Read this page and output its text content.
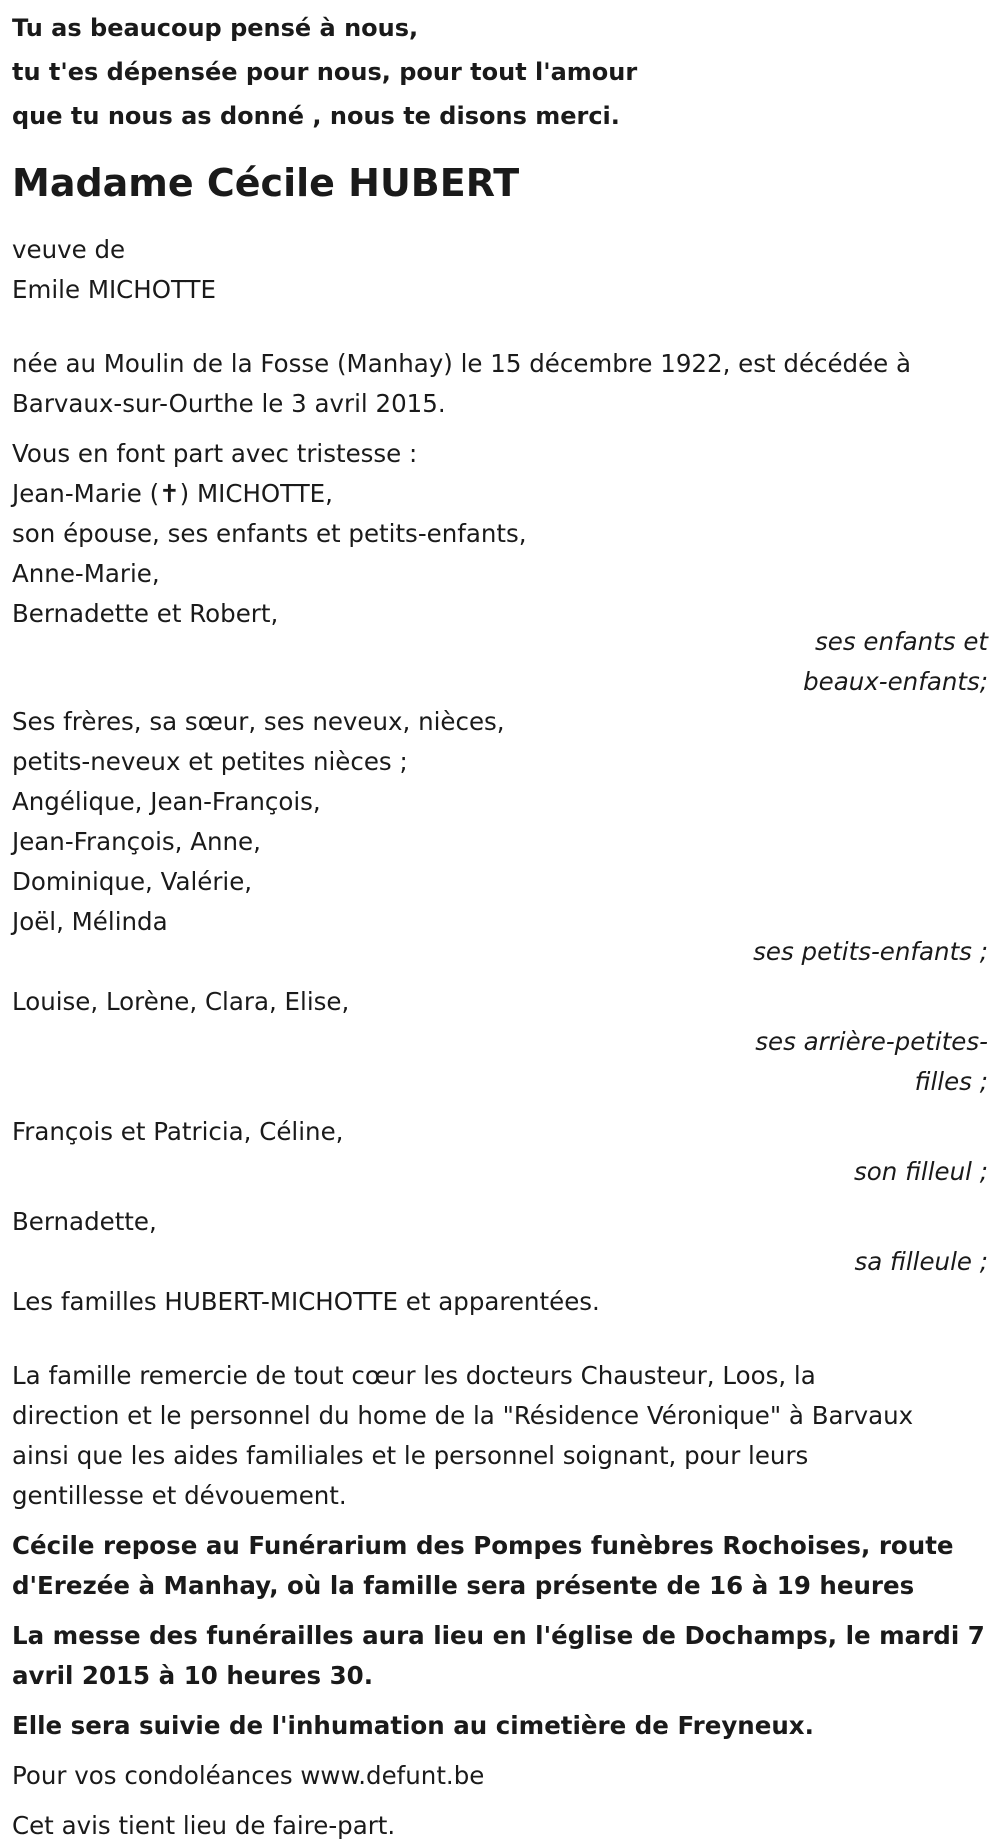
Tu as beaucoup pensé à nous,

tu t'es dépensée pour nous, pour tout l'amour

que tu nous as donné , nous te disons merci.

Madame Cécile HUBERT

veuve de

Emile MICHOTTE

née au Moulin de la Fosse (Manhay) le 15 décembre 1922, est décédée à

Barvaux-sur-Ourthe le 3 avril 2015.

Vous en font part avec tristesse :

Jean-Marie (✝) MICHOTTE,

son épouse, ses enfants et petits-enfants,

Anne-Marie,

Bernadette et Robert,

ses enfants et

beaux-enfants;

Ses frères, sa sœur, ses neveux, nièces,

petits-neveux et petites nièces ;

Angélique, Jean-François,

Jean-François, Anne,

Dominique, Valérie,

Joël, Mélinda

ses petits-enfants ;

Louise, Lorène, Clara, Elise,

ses arrière-petites-

filles ;

François et Patricia, Céline,

son filleul ;

Bernadette,

sa filleule ;

Les familles HUBERT-MICHOTTE et apparentées.

La famille remercie de tout cœur les docteurs Chausteur, Loos, la

direction et le personnel du home de la "Résidence Véronique" à Barvaux

ainsi que les aides familiales et le personnel soignant, pour leurs

gentillesse et dévouement.

Cécile repose au Funérarium des Pompes funèbres Rochoises, route

d'Erezée à Manhay, où la famille sera présente de 16 à 19 heures

La messe des funérailles aura lieu en l'église de Dochamps, le mardi 7

avril 2015 à 10 heures 30.

Elle sera suivie de l'inhumation au cimetière de Freyneux.

Pour vos condoléances www.defunt.be

Cet avis tient lieu de faire-part.
